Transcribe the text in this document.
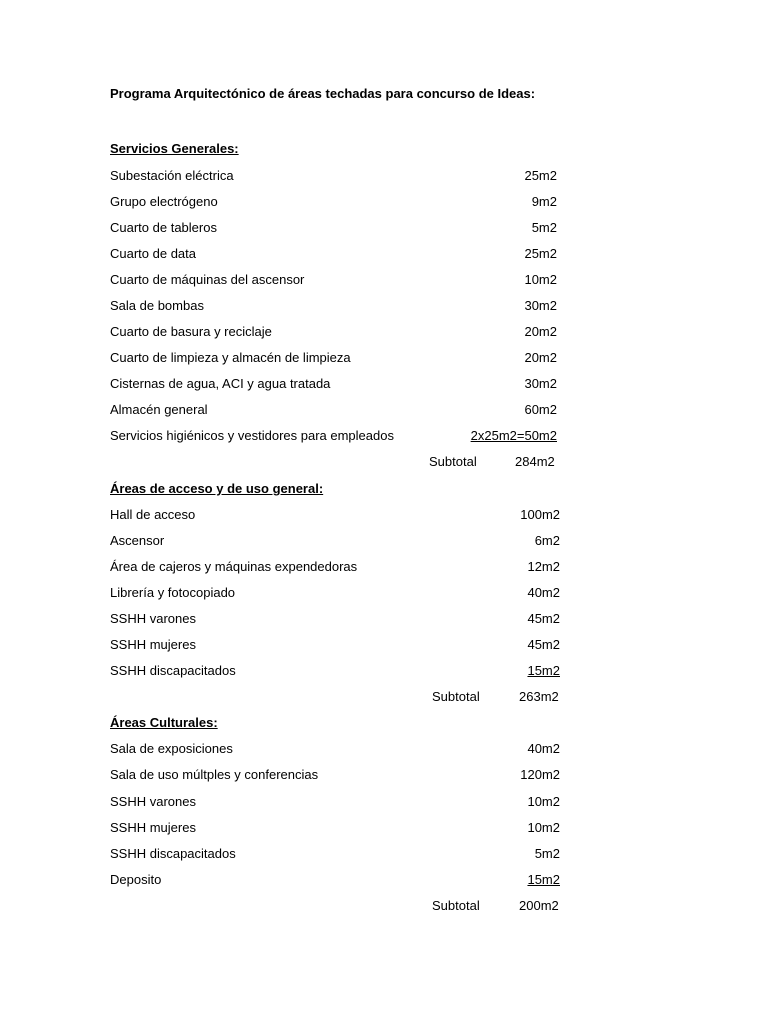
Programa Arquitectónico de áreas techadas para concurso de Ideas:
Servicios Generales:
Subestación eléctrica	25m2
Grupo electrógeno	9m2
Cuarto de tableros	5m2
Cuarto de data	25m2
Cuarto de máquinas del ascensor	10m2
Sala de bombas	30m2
Cuarto de basura y reciclaje	20m2
Cuarto de limpieza y almacén de limpieza	20m2
Cisternas de agua, ACI y agua tratada	30m2
Almacén general	60m2
Servicios higiénicos y vestidores para empleados	2x25m2=50m2
Subtotal	284m2
Áreas de acceso y de uso general:
Hall de acceso	100m2
Ascensor	6m2
Área de cajeros y máquinas expendedoras	12m2
Librería y fotocopiado	40m2
SSHH varones	45m2
SSHH mujeres	45m2
SSHH discapacitados	15m2
Subtotal	263m2
Áreas Culturales:
Sala de exposiciones	40m2
Sala de uso múltples y conferencias	120m2
SSHH varones	10m2
SSHH mujeres	10m2
SSHH discapacitados	5m2
Deposito	15m2
Subtotal	200m2
